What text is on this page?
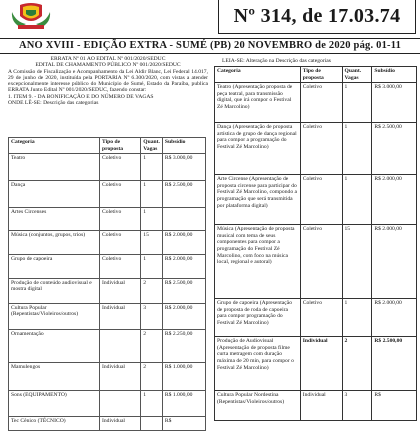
Nº 314, de 17.03.74
ANO XVIII - EDIÇÃO EXTRA - SUMÉ (PB) 20 NOVEMBRO de 2020 pág. 01-11
ERRATA Nº 01 AO EDITAL Nº 001/2020/SEDUC
EDITAL DE CHAMAMENTO PÚBLICO Nº 001/2020/SEDUC
A Comissão de Fiscalização e Acompanhamento da Lei Aldir Blanc, Lei Federal 14.017, 29 de junho de 2020, instituída pela PORTARIA Nº 6.300/2020, com vistas a atender excepcionalmente interesse público do Município de Sumé, Estado da Paraíba, publica ERRATA Junto Edital Nº 001/2020/SEDUC, fazendo constar:
1. ITEM 9. - DA BONIFICAÇÃO E DO NÚMERO DE VAGAS
ONDE LÊ-SE: Descrição das categorias
Categoria	Tipo de proposta	Quant. Vagas	Subsídio
Teatro	Coletivo	1	R$ 3.000,00
Dança	Coletivo	1	R$ 2.500,00
Artes Circenses	Coletivo	1	
Música (conjuntos, grupos, trios)	Coletivo	15	R$ 2.000,00
Grupo de capoeira	Coletivo	1	R$ 2.000,00
Produção de conteúdo audiovisual e mostra digital	Individual	2	R$ 2.500,00
Cultura Popular (Repentistas/Violeiros/outros)	Individual	3	R$ 2.000,00
Ornamentação		2	R$ 2.250,00
Mamulengos	Individual	2	R$ 1.000,00
Sons (EQUIPAMENTO)		1	R$ 1.000,00
Tec Cênico (TÉCNICO)	Individual		R$
LEIA-SE: Alteração na Descrição das categorias
Categoria	Tipo de proposta	Quant. Vagas	Subsídio
Teatro (Apresentação proposta de peça teatral, para transmissão digital, que irá compor o Festival Zé Marcolino)	Coletivo	1	R$ 3.000,00
Dança (Apresentação de proposta artística de grupo de dança regional para compor a programação do Festival Zé Marcolino)	Coletivo	1	R$ 2.500,00
Arte Circense (Apresentação de proposta circense para participar do Festival Zé Marcolino, compondo a programação que será transmitida por plataforma digital)	Coletivo	1	R$ 2.000,00
Música (Apresentação de proposta musical com tema de seus componentes para compor a programação do Festival Zé Marcolino, com foco na música local, regional e autoral)	Coletivo	15	R$ 2.000,00
Grupo de capoeira (Apresentação de proposta de roda de capoeira para compor programação do Festival Zé Marcolino)	Coletivo	1	R$ 2.000,00
Produção de Audiovisual (Apresentação de proposta filme curta metragem com duração máxima de 20 min, para compor o Festival Zé Marcolino)	Individual	2	R$ 2.500,00
Cultura Popular Nordestina (Repentistas/Violeiros/outros)	Individual	3	R$
